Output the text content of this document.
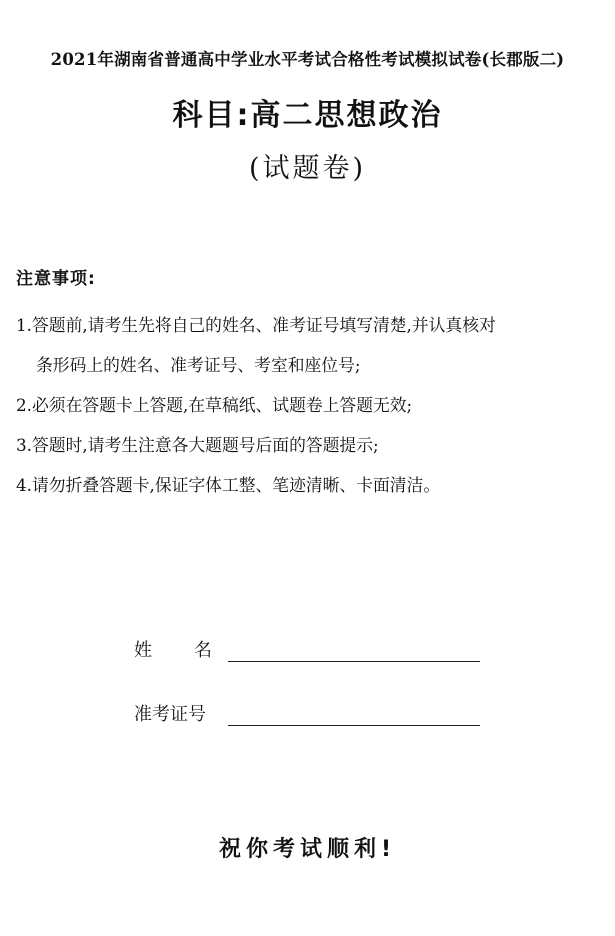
2021年湖南省普通高中学业水平考试合格性考试模拟试卷(长郡版二)
科目:高二思想政治
(试题卷)
注意事项:
1.答题前,请考生先将自己的姓名、准考证号填写清楚,并认真核对
条形码上的姓名、准考证号、考室和座位号;
2.必须在答题卡上答题,在草稿纸、试题卷上答题无效;
3.答题时,请考生注意各大题题号后面的答题提示;
4.请勿折叠答题卡,保证字体工整、笔迹清晰、卡面清洁。
姓名
准考证号
祝你考试顺利!
